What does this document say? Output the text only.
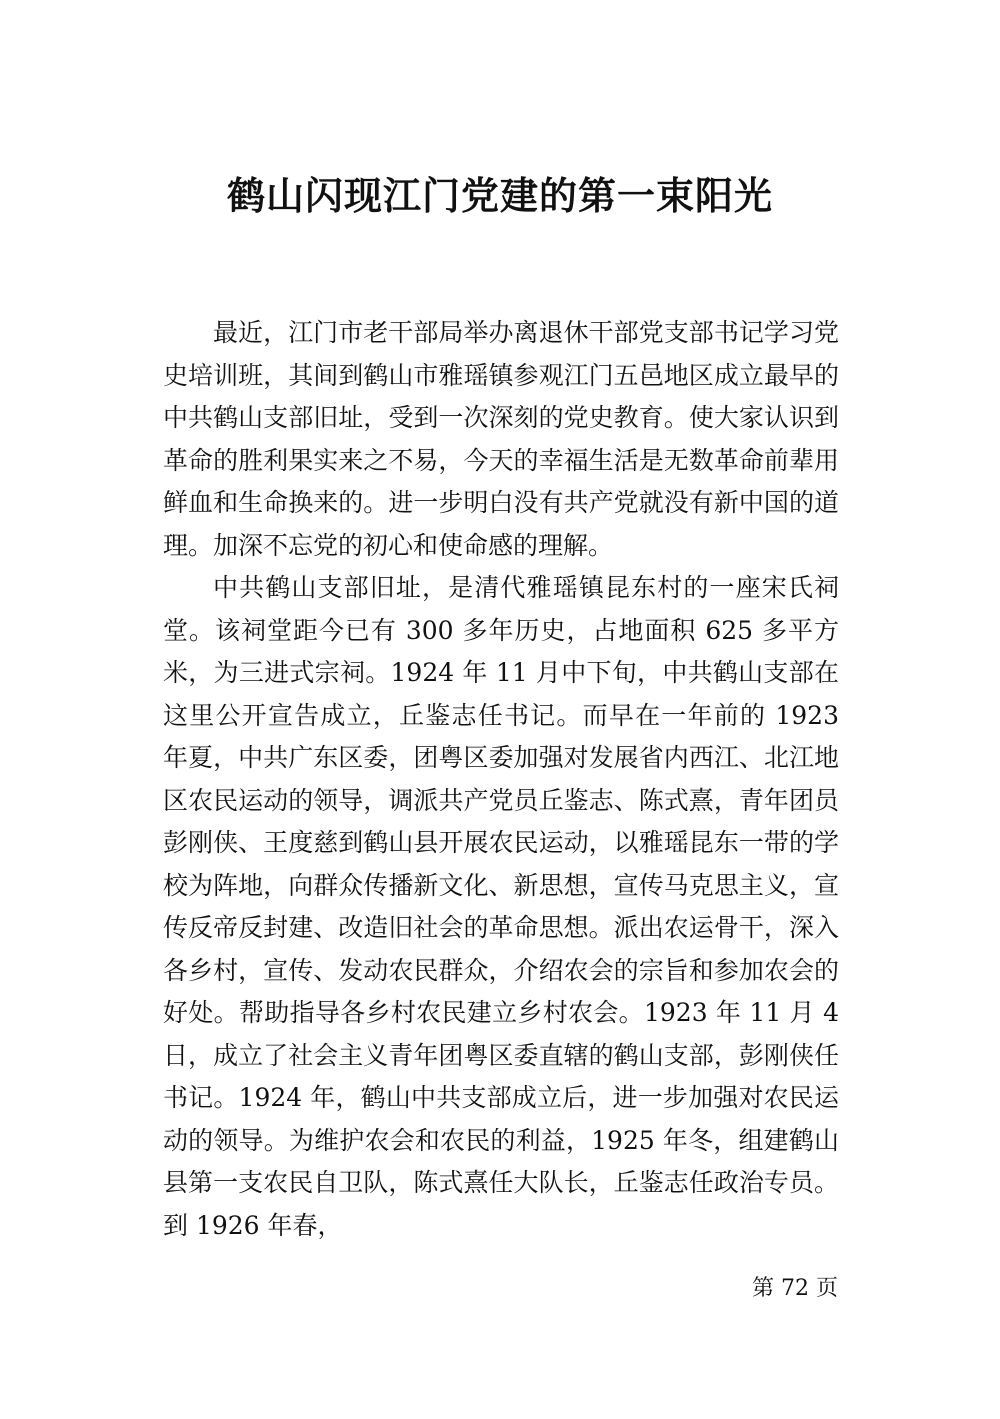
鹤山闪现江门党建的第一束阳光

最近，江门市老干部局举办离退休干部党支部书记学习党史培训班，其间到鹤山市雅瑶镇参观江门五邑地区成立最早的中共鹤山支部旧址，受到一次深刻的党史教育。使大家认识到革命的胜利果实来之不易，今天的幸福生活是无数革命前辈用鲜血和生命换来的。进一步明白没有共产党就没有新中国的道理。加深不忘党的初心和使命感的理解。

中共鹤山支部旧址，是清代雅瑶镇昆东村的一座宋氏祠堂。该祠堂距今已有 300 多年历史，占地面积 625 多平方米，为三进式宗祠。1924 年 11 月中下旬，中共鹤山支部在这里公开宣告成立，丘鉴志任书记。而早在一年前的 1923 年夏，中共广东区委，团粤区委加强对发展省内西江、北江地区农民运动的领导，调派共产党员丘鉴志、陈式熹，青年团员彭刚侠、王度慈到鹤山县开展农民运动，以雅瑶昆东一带的学校为阵地，向群众传播新文化、新思想，宣传马克思主义，宣传反帝反封建、改造旧社会的革命思想。派出农运骨干，深入各乡村，宣传、发动农民群众，介绍农会的宗旨和参加农会的好处。帮助指导各乡村农民建立乡村农会。1923 年 11 月 4 日，成立了社会主义青年团粤区委直辖的鹤山支部，彭刚侠任书记。1924 年，鹤山中共支部成立后，进一步加强对农民运动的领导。为维护农会和农民的利益，1925 年冬，组建鹤山县第一支农民自卫队，陈式熹任大队长，丘鉴志任政治专员。到 1926 年春，

第 72 页
